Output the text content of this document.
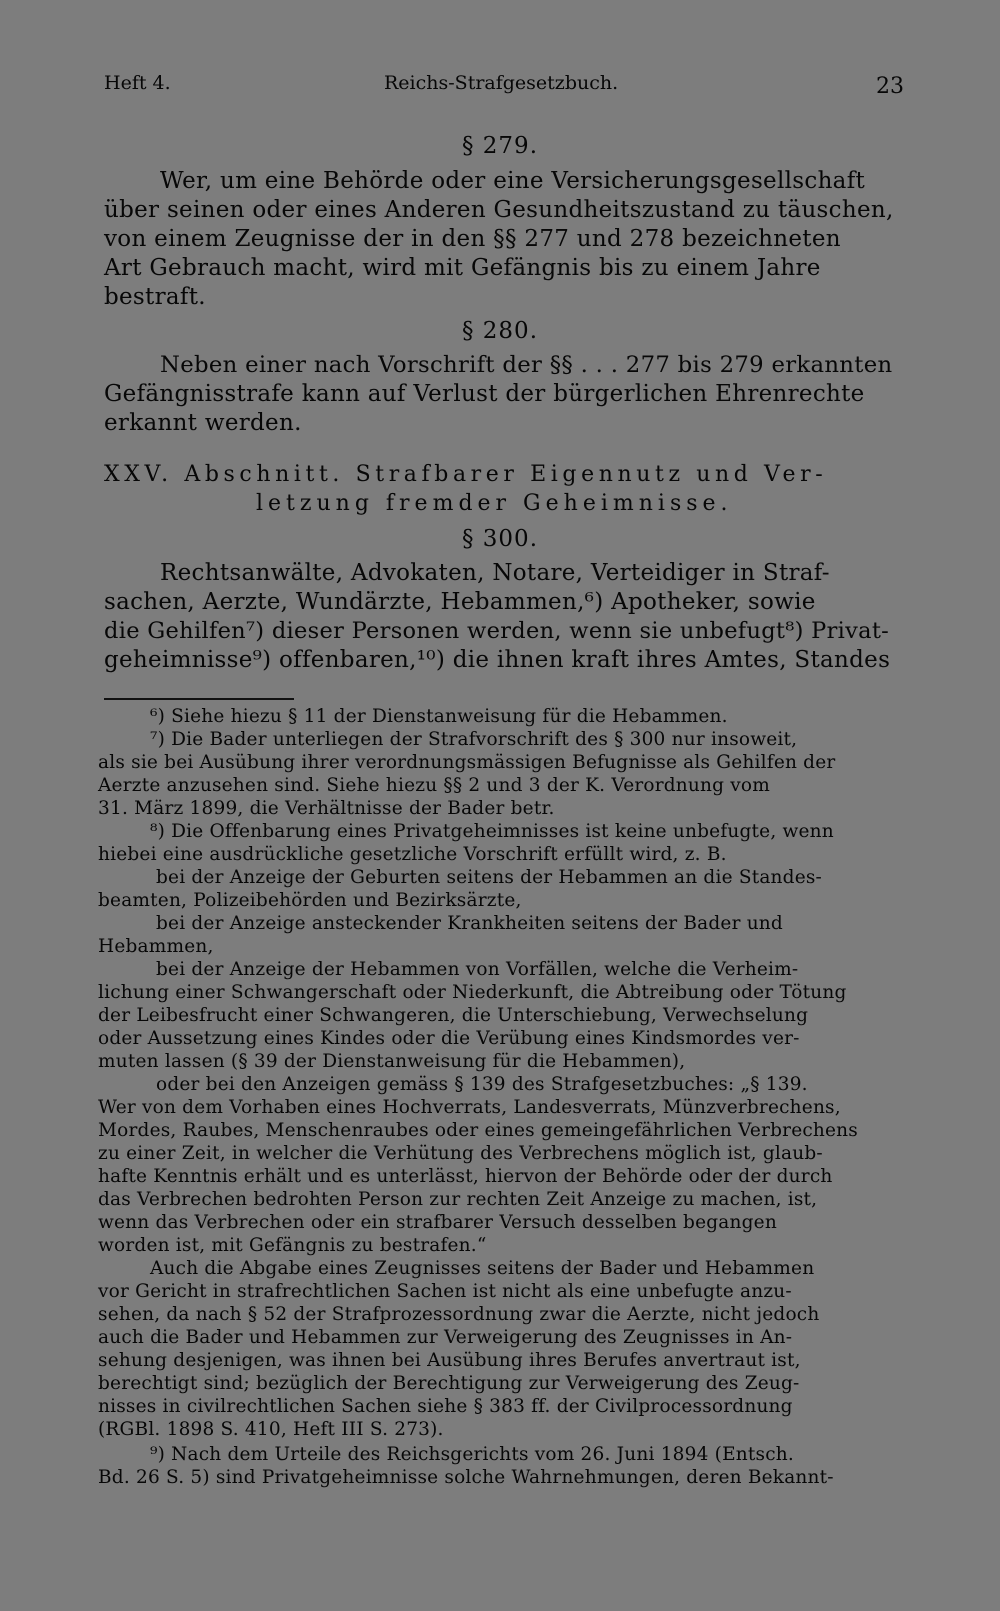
Heft 4.	Reichs-Strafgesetzbuch.	23
§ 279.
Wer, um eine Behörde oder eine Versicherungsgesellschaft
über seinen oder eines Anderen Gesundheitszustand zu täuschen,
von einem Zeugnisse der in den §§ 277 und 278 bezeichneten
Art Gebrauch macht, wird mit Gefängnis bis zu einem Jahre
bestraft.
§ 280.
Neben einer nach Vorschrift der §§ . . . 277 bis 279 erkannten
Gefängnisstrafe kann auf Verlust der bürgerlichen Ehrenrechte
erkannt werden.
XXV. Abschnitt. Strafbarer Eigennutz und Ver-
letzung fremder Geheimnisse.
§ 300.
Rechtsanwälte, Advokaten, Notare, Verteidiger in Straf-
sachen, Aerzte, Wundärzte, Hebammen,⁶) Apotheker, sowie
die Gehilfen⁷) dieser Personen werden, wenn sie unbefugt⁸) Privat-
geheimnisse⁹) offenbaren,¹⁰) die ihnen kraft ihres Amtes, Standes
⁶) Siehe hiezu § 11 der Dienstanweisung für die Hebammen.
⁷) Die Bader unterliegen der Strafvorschrift des § 300 nur insoweit,
als sie bei Ausübung ihrer verordnungsmässigen Befugnisse als Gehilfen der
Aerzte anzusehen sind. Siehe hiezu §§ 2 und 3 der K. Verordnung vom
31. März 1899, die Verhältnisse der Bader betr.
⁸) Die Offenbarung eines Privatgeheimnisses ist keine unbefugte, wenn
hiebei eine ausdrückliche gesetzliche Vorschrift erfüllt wird, z. B.
bei der Anzeige der Geburten seitens der Hebammen an die Standes-
beamten, Polizeibehörden und Bezirksärzte,
bei der Anzeige ansteckender Krankheiten seitens der Bader und
Hebammen,
bei der Anzeige der Hebammen von Vorfällen, welche die Verheim-
lichung einer Schwangerschaft oder Niederkunft, die Abtreibung oder Tötung
der Leibesfrucht einer Schwangeren, die Unterschiebung, Verwechselung
oder Aussetzung eines Kindes oder die Verübung eines Kindsmordes ver-
muten lassen (§ 39 der Dienstanweisung für die Hebammen),
oder bei den Anzeigen gemäss § 139 des Strafgesetzbuches: „§ 139.
Wer von dem Vorhaben eines Hochverrats, Landesverrats, Münzverbrechens,
Mordes, Raubes, Menschenraubes oder eines gemeingefährlichen Verbrechens
zu einer Zeit, in welcher die Verhütung des Verbrechens möglich ist, glaub-
hafte Kenntnis erhält und es unterlässt, hiervon der Behörde oder der durch
das Verbrechen bedrohten Person zur rechten Zeit Anzeige zu machen, ist,
wenn das Verbrechen oder ein strafbarer Versuch desselben begangen
worden ist, mit Gefängnis zu bestrafen.“
Auch die Abgabe eines Zeugnisses seitens der Bader und Hebammen
vor Gericht in strafrechtlichen Sachen ist nicht als eine unbefugte anzu-
sehen, da nach § 52 der Strafprozessordnung zwar die Aerzte, nicht jedoch
auch die Bader und Hebammen zur Verweigerung des Zeugnisses in An-
sehung desjenigen, was ihnen bei Ausübung ihres Berufes anvertraut ist,
berechtigt sind; bezüglich der Berechtigung zur Verweigerung des Zeug-
nisses in civilrechtlichen Sachen siehe § 383 ff. der Civilprocessordnung
(RGBl. 1898 S. 410, Heft III S. 273).
⁹) Nach dem Urteile des Reichsgerichts vom 26. Juni 1894 (Entsch.
Bd. 26 S. 5) sind Privatgeheimnisse solche Wahrnehmungen, deren Bekannt-
